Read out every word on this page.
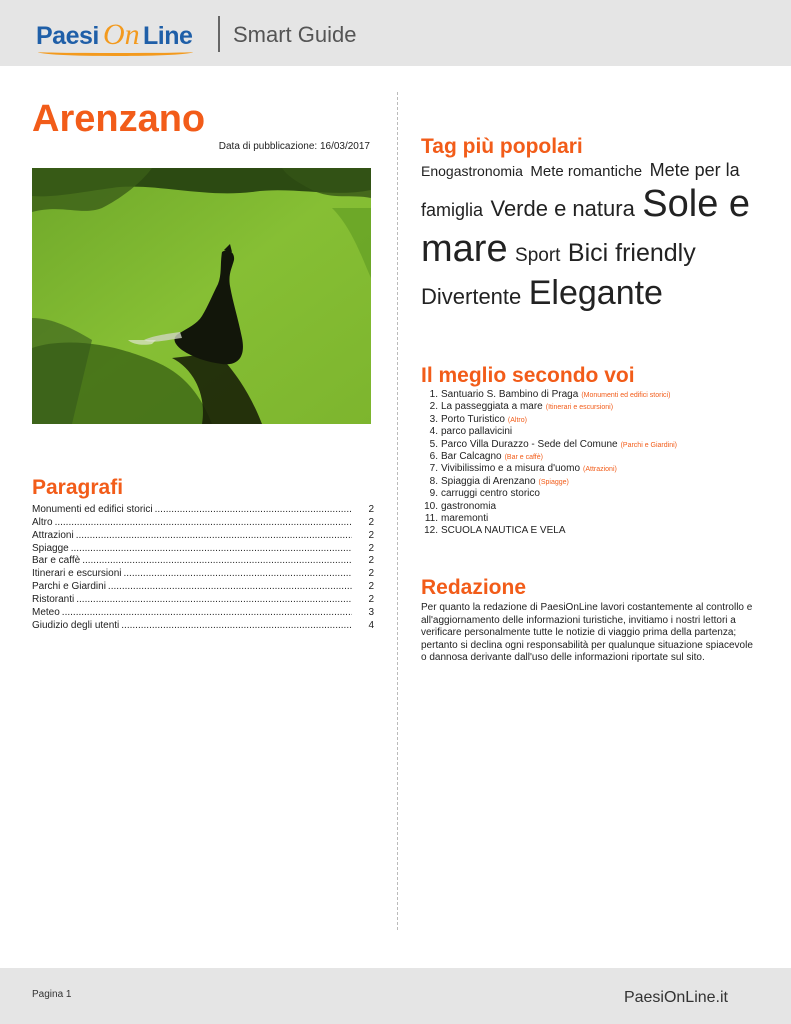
Paesi On Line Smart Guide
Arenzano
Data di pubblicazione: 16/03/2017
Paragrafi
Monumenti ed edifici storici .....	2
Altro .....	2
Attrazioni .....	2
Spiagge .....	2
Bar e caffè .....	2
Itinerari e escursioni .....	2
Parchi e Giardini .....	2
Ristoranti .....	2
Meteo .....	3
Giudizio degli utenti .....	4
Tag più popolari
Enogastronomia Mete romantiche Mete per la famiglia Verde e natura Sole e mare Sport Bici friendly Divertente Elegante
Il meglio secondo voi
1. Santuario S. Bambino di Praga (Monumenti ed edifici storici)
2. La passeggiata a mare (Itinerari e escursioni)
3. Porto Turistico (Altro)
4. parco pallavicini
5. Parco Villa Durazzo - Sede del Comune (Parchi e Giardini)
6. Bar Calcagno (Bar e caffè)
7. Vivibilissimo e a misura d'uomo (Attrazioni)
8. Spiaggia di Arenzano (Spiagge)
9. carruggi centro storico
10. gastronomia
11. maremonti
12. SCUOLA NAUTICA E VELA
Redazione

Per quanto la redazione di PaesiOnLine lavori costantemente al controllo e all'aggiornamento delle informazioni turistiche, invitiamo i nostri lettori a verificare personalmente tutte le notizie di viaggio prima della partenza; pertanto si declina ogni responsabilità per qualunque situazione spiacevole o dannosa derivante dall'uso delle informazioni riportate sul sito.

Pagina 1	PaesiOnLine.it
